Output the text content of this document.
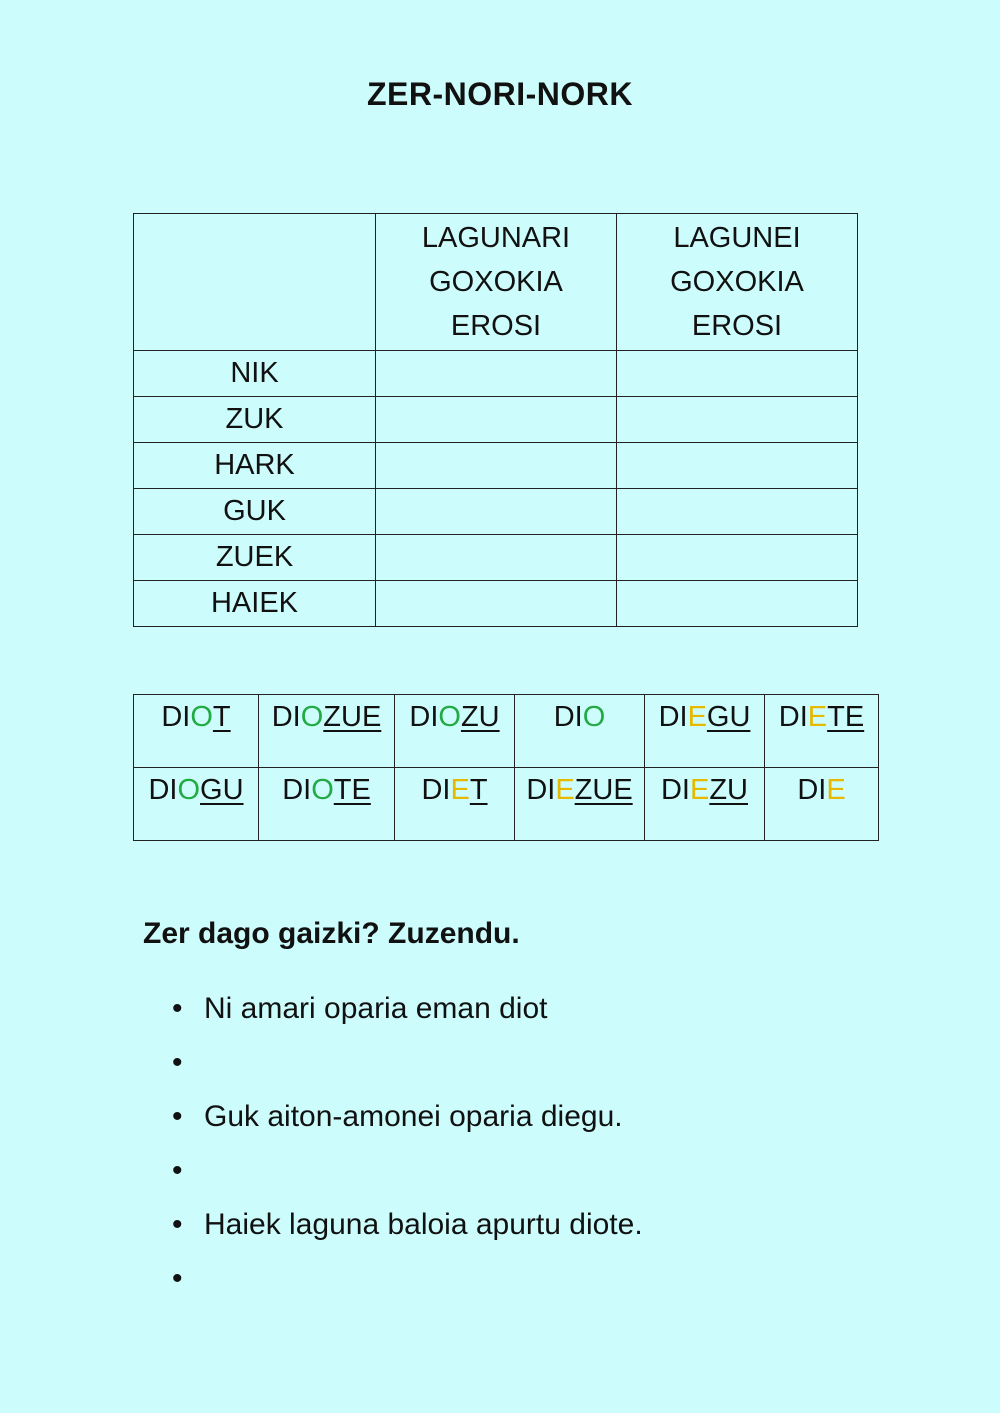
ZER-NORI-NORK

	LAGUNARI
GOXOKIA
EROSI	LAGUNEI
GOXOKIA
EROSI

NIK		
ZUK		
HARK		
GUK		
ZUEK		
HAIEK		
DIOT	DIOZUE	DIOZU	DIO	DIEGU	DIETE
DIOGU	DIOTE	DIET	DIEZUE	DIEZU	DIE
Zer dago gaizki? Zuzendu.
• Ni amari oparia eman diot
•
• Guk aiton-amonei oparia diegu.
•
• Haiek laguna baloia apurtu diote.
•
